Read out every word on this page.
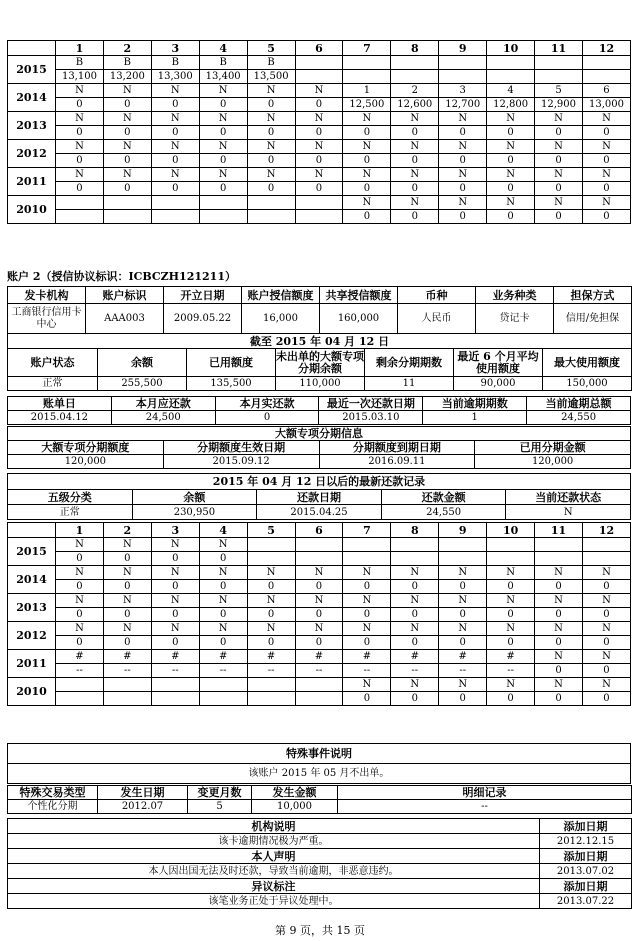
	1	2	3	4	5	6	7	8	9	10	11	12
2015	B	B	B	B	B							
	13,100	13,200	13,300	13,400	13,500							
2014	N	N	N	N	N	N	1	2	3	4	5	6
	0	0	0	0	0	0	12,500	12,600	12,700	12,800	12,900	13,000
2013	N	N	N	N	N	N	N	N	N	N	N	N
	0	0	0	0	0	0	0	0	0	0	0	0
2012	N	N	N	N	N	N	N	N	N	N	N	N
	0	0	0	0	0	0	0	0	0	0	0	0
2011	N	N	N	N	N	N	N	N	N	N	N	N
	0	0	0	0	0	0	0	0	0	0	0	0
2010							N	N	N	N	N	N
							0	0	0	0	0	0
账户 2（授信协议标识：ICBCZH121211）
发卡机构	账户标识	开立日期	账户授信额度	共享授信额度	币种	业务种类	担保方式
工商银行信用卡中心	AAA003	2009.05.22	16,000	160,000	人民币	贷记卡	信用/免担保
截至 2015 年 04 月 12 日						
账户状态	余额	已用额度	未出单的大额专项分期余额	剩余分期期数	最近 6 个月平均使用额度	最大使用额度
正常	255,500	135,500	110,000	11	90,000	150,000
账单日	本月应还款	本月实还款	最近一次还款日期	当前逾期期数	当前逾期总额
2015.04.12	24,500	0	2015.03.10	1	24,550
大额专项分期信息			
大额专项分期额度	分期额度生效日期	分期额度到期日期	已用分期金额
120,000	2015.09.12	2016.09.11	120,000
2015 年 04 月 12 日以后的最新还款记录				
五级分类	余额	还款日期	还款金额	当前还款状态
正常	230,950	2015.04.25	24,550	N
	1	2	3	4	5	6	7	8	9	10	11	12
2015	N	N	N	N								
	0	0	0	0								
2014	N	N	N	N	N	N	N	N	N	N	N	N
	0	0	0	0	0	0	0	0	0	0	0	0
2013	N	N	N	N	N	N	N	N	N	N	N	N
	0	0	0	0	0	0	0	0	0	0	0	0
2012	N	N	N	N	N	N	N	N	N	N	N	N
	0	0	0	0	0	0	0	0	0	0	0	0
2011	#	#	#	#	#	#	#	#	#	#	N	N
	--	--	--	--	--	--	--	--	--	--	0	0
2010							N	N	N	N	N	N
							0	0	0	0	0	0
特殊事件说明
该账户 2015 年 05 月不出单。
特殊交易类型	发生日期	变更月数	发生金额	明细记录
个性化分期	2012.07	5	10,000	--
机构说明	添加日期
该卡逾期情况极为严重。	2012.12.15
本人声明	添加日期
本人因出国无法及时还款，导致当前逾期，非恶意违约。	2013.07.02
异议标注	添加日期
该笔业务正处于异议处理中。	2013.07.22
第 9 页，共 15 页
